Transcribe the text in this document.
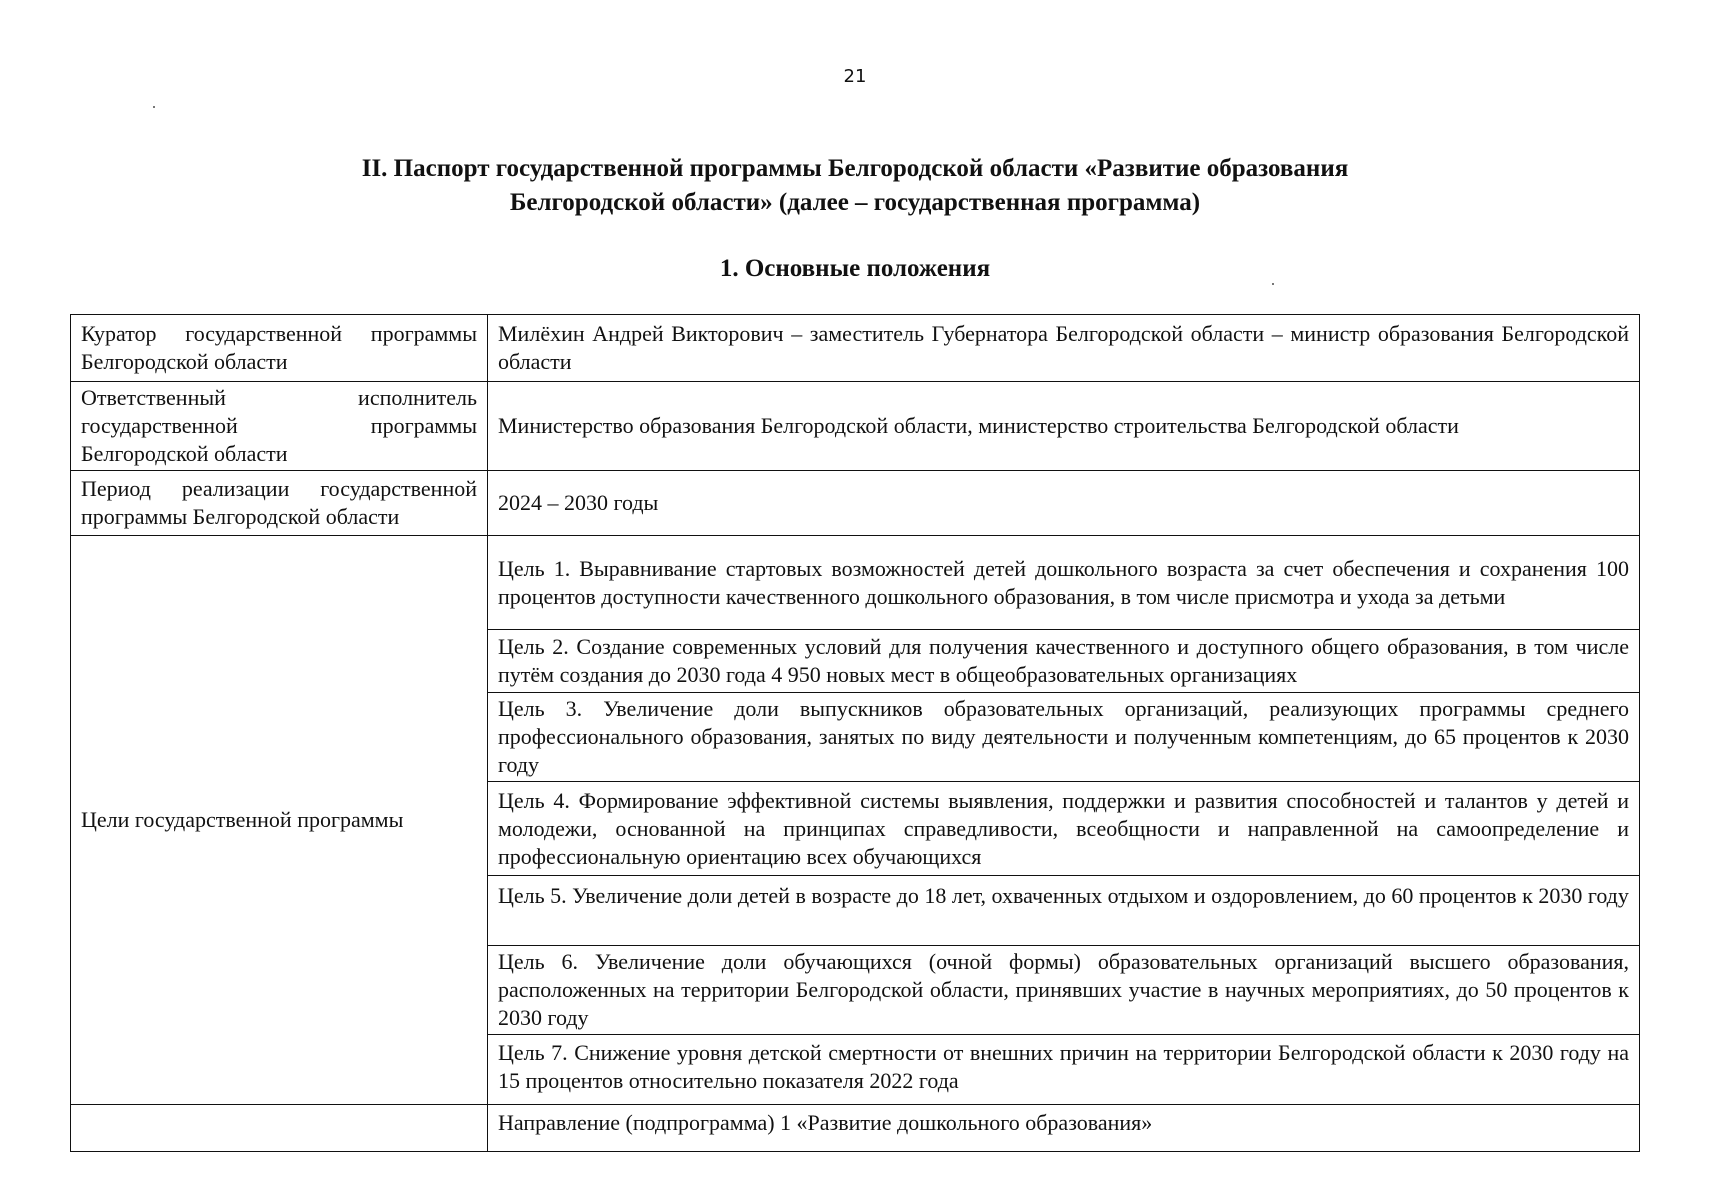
21
II. Паспорт государственной программы Белгородской области «Развитие образования
Белгородской области» (далее – государственная программа)
1. Основные положения
Куратор государственной программы Белгородской области	Милёхин Андрей Викторович – заместитель Губернатора Белгородской области – министр образования Белгородской области
Ответственный исполнитель государственной программы Белгородской области	Министерство образования Белгородской области, министерство строительства Белгородской области
Период реализации государственной программы Белгородской области	2024 – 2030 годы
Цели государственной программы	Цель 1. Выравнивание стартовых возможностей детей дошкольного возраста за счет обеспечения и сохранения 100 процентов доступности качественного дошкольного образования, в том числе присмотра и ухода за детьми
	Цель 2. Создание современных условий для получения качественного и доступного общего образования, в том числе путём создания до 2030 года 4 950 новых мест в общеобразовательных организациях
	Цель 3. Увеличение доли выпускников образовательных организаций, реализующих программы среднего профессионального образования, занятых по виду деятельности и полученным компетенциям, до 65 процентов к 2030 году
	Цель 4. Формирование эффективной системы выявления, поддержки и развития способностей и талантов у детей и молодежи, основанной на принципах справедливости, всеобщности и направленной на самоопределение и профессиональную ориентацию всех обучающихся
	Цель 5. Увеличение доли детей в возрасте до 18 лет, охваченных отдыхом и оздоровлением, до 60 процентов к 2030 году
	Цель 6. Увеличение доли обучающихся (очной формы) образовательных организаций высшего образования, расположенных на территории Белгородской области, принявших участие в научных мероприятиях, до 50 процентов к 2030 году
	Цель 7. Снижение уровня детской смертности от внешних причин на территории Белгородской области к 2030 году на 15 процентов относительно показателя 2022 года
	Направление (подпрограмма) 1 «Развитие дошкольного образования»
